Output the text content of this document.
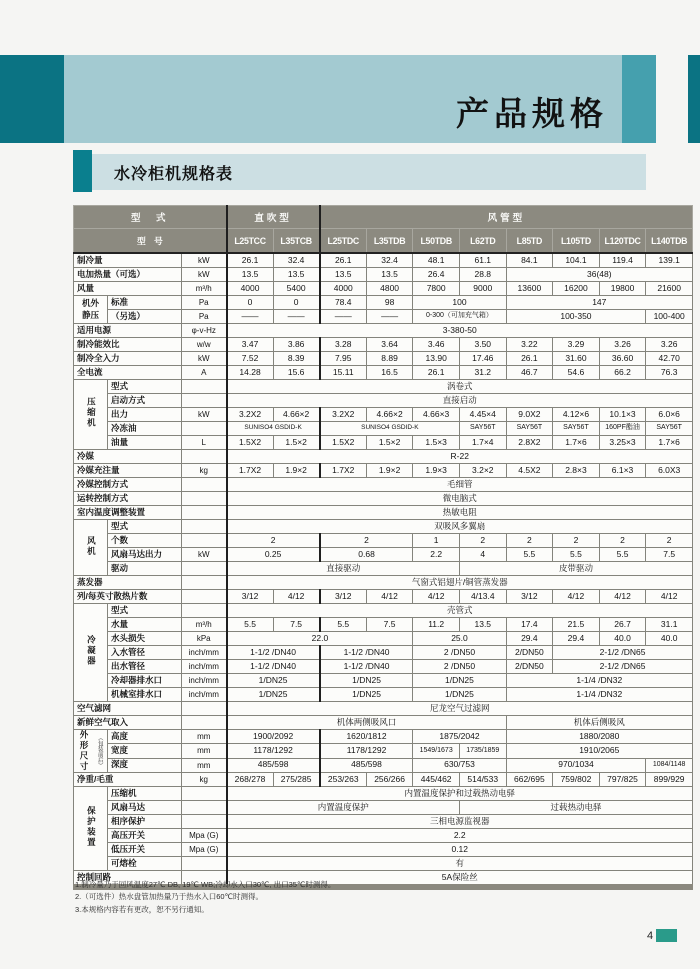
产品规格
水冷柜机规格表
型　式			直吹型		风管型							
型　号			L25TCC	L35TCB	L25TDC	L35TDB	L50TDB	L62TD	L85TD	L105TD	L120TDC	L140TDB
制冷量		kW	26.1	32.4	26.1	32.4	48.1	61.1	84.1	104.1	119.4	139.1
电加热量（可选）		kW	13.5	13.5	13.5	13.5	26.4	28.8	36(48)			
风量		m³/h	4000	5400	4000	4800	7800	9000	13600	16200	19800	21600

机外静压	标准	Pa	0	0	78.4	98	100		147			
	（另选）	Pa	——	——	——	——	0-300（可加充气箱）		100-350			100-400
适用电源		φ-v-Hz	3-380-50									
制冷能效比		w/w	3.47	3.86	3.28	3.64	3.46	3.50	3.22	3.29	3.26	3.26
制冷全入力		kW	7.52	8.39	7.95	8.89	13.90	17.46	26.1	31.60	36.60	42.70
全电流		A	14.28	15.6	15.11	16.5	26.1	31.2	46.7	54.6	66.2	76.3
压缩机	型式		涡卷式									
	启动方式		直接启动									
	出力	kW	3.2X2	4.66×2	3.2X2	4.66×2	4.66×3	4.45×4	9.0X2	4.12×6	10.1×3	6.0×6
	冷冻油		SUNISO4 GSDID-K		SUNISO4 GSDID-K			SAY56T	SAY56T	SAY56T	160PF酯油	SAY56T
	油量	L	1.5X2	1.5×2	1.5X2	1.5×2	1.5×3	1.7×4	2.8X2	1.7×6	3.25×3	1.7×6
冷媒			R-22									
冷媒充注量		kg	1.7X2	1.9×2	1.7X2	1.9×2	1.9×3	3.2×2	4.5X2	2.8×3	6.1×3	6.0X3
冷媒控制方式			毛细管									
运转控制方式			微电脑式									
室内温度调整装置			热敏电阻									
风机	型式		双吸风多翼扇									
	个数		2		2		1	2	2	2	2	2
	风扇马达出力	kW	0.25		0.68		2.2	4	5.5	5.5	5.5	7.5
	驱动		直接驱动					皮带驱动				
蒸发器			气窗式铝翅片/铜管蒸发器									
列/每英寸散热片数			3/12	4/12	3/12	4/12	4/12	4/13.4	3/12	4/12	4/12	4/12
冷凝器	型式		壳管式									
	水量	m³/h	5.5	7.5	5.5	7.5	11.2	13.5	17.4	21.5	26.7	31.1
	水头损失	kPa	22.0				25.0		29.4	29.4	40.0	40.0
	入水管径	inch/mm	1-1/2 /DN40		1-1/2 /DN40		2 /DN50		2/DN50	2-1/2 /DN65		
	出水管径	inch/mm	1-1/2 /DN40		1-1/2 /DN40		2 /DN50		2/DN50	2-1/2 /DN65		
	冷却器排水口	inch/mm	1/DN25		1/DN25		1/DN25		1-1/4 /DN32			
	机械室排水口	inch/mm	1/DN25		1/DN25		1/DN25		1-1/4 /DN32			
空气滤网			尼龙空气过滤网									
新鲜空气取入			机体两侧吸风口						机体后侧吸风			

外形尺寸 （包装前后）	高度	mm	1900/2092		1620/1812		1875/2042		1880/2080			
	宽度	mm	1178/1292		1178/1292		1549/1673	1735/1859	1910/2065			
	深度	mm	485/598		485/598		630/753		970/1034			1084/1148
净重/毛重		kg	268/278	275/285	253/263	256/266	445/462	514/533	662/695	759/802	797/825	899/929
保护装置	压缩机		内置温度保护和过载热动电驿									
	风扇马达		内置温度保护					过载热动电驿				
	相序保护		三相电源监视器									
	高压开关	Mpa (G)	2.2									
	低压开关	Mpa (G)	0.12									
	可熔栓		有									
控制回路			5A保险丝									
1.制冷量乃于回风温度27℃ DB, 19℃ WB;冷却水入口30℃, 出口35℃时测得。
2.（可选件）热水盘管加热量乃于热水入口60℃时测得。
3.本规格内容若有更改，恕不另行通知。
4
